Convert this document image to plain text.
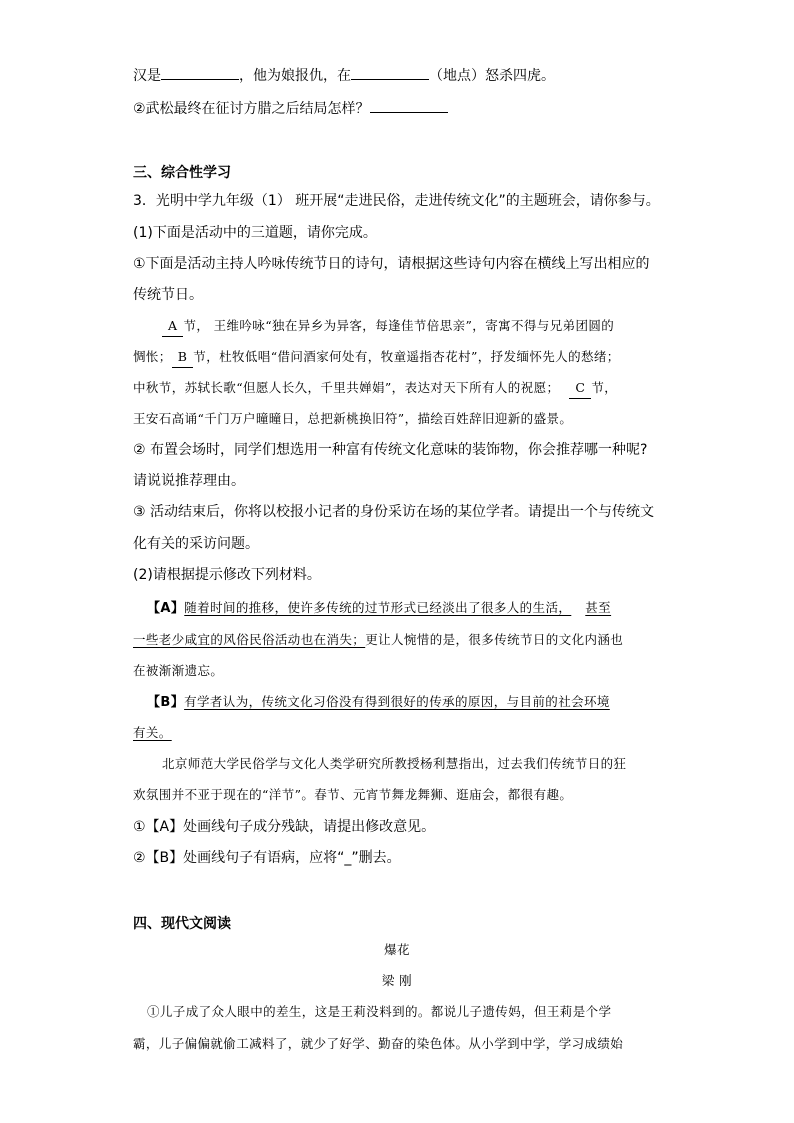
汉是	，他为娘报仇，在	（地点）怒杀四虎。
②武松最终在征讨方腊之后结局怎样？
三、综合性学习
3．光明中学九年级（1） 班开展“走进民俗，走进传统文化”的主题班会，请你参与。
(1)下面是活动中的三道题，请你完成。
①下面是活动主持人吟咏传统节日的诗句，请根据这些诗句内容在横线上写出相应的
传统节日。
A 节， 王维吟咏“独在异乡为异客，每逢佳节倍思亲”，寄寓不得与兄弟团圆的
惆怅； B 节，杜牧低唱“借问酒家何处有，牧童遥指杏花村”，抒发缅怀先人的愁绪；
中秋节，苏轼长歌“但愿人长久，千里共婵娟”，表达对天下所有人的祝愿； C 节，
王安石高诵“千门万户曈曈日，总把新桃换旧符”，描绘百姓辞旧迎新的盛景。
② 布置会场时，同学们想选用一种富有传统文化意味的装饰物，你会推荐哪一种呢?
请说说推荐理由。
③ 活动结束后，你将以校报小记者的身份采访在场的某位学者。请提出一个与传统文
化有关的采访问题。
(2)请根据提示修改下列材料。
【A】随着时间的推移，使许多传统的过节形式已经淡出了很多人的生活， 甚至
一些老少咸宜的风俗民俗活动也在消失；更让人惋惜的是，很多传统节日的文化内涵也
在被渐渐遗忘。
【B】有学者认为，传统文化习俗没有得到很好的传承的原因，与目前的社会环境
有关。
北京师范大学民俗学与文化人类学研究所教授杨利慧指出，过去我们传统节日的狂
欢氛围并不亚于现在的“洋节”。春节、元宵节舞龙舞狮、逛庙会，都很有趣。
①【A】处画线句子成分残缺，请提出修改意见。
②【B】处画线句子有语病，应将“_”删去。
四、现代文阅读
爆花
梁 刚
①儿子成了众人眼中的差生，这是王莉没料到的。都说儿子遗传妈，但王莉是个学
霸，儿子偏偏就偷工减料了，就少了好学、勤奋的染色体。从小学到中学，学习成绩始
